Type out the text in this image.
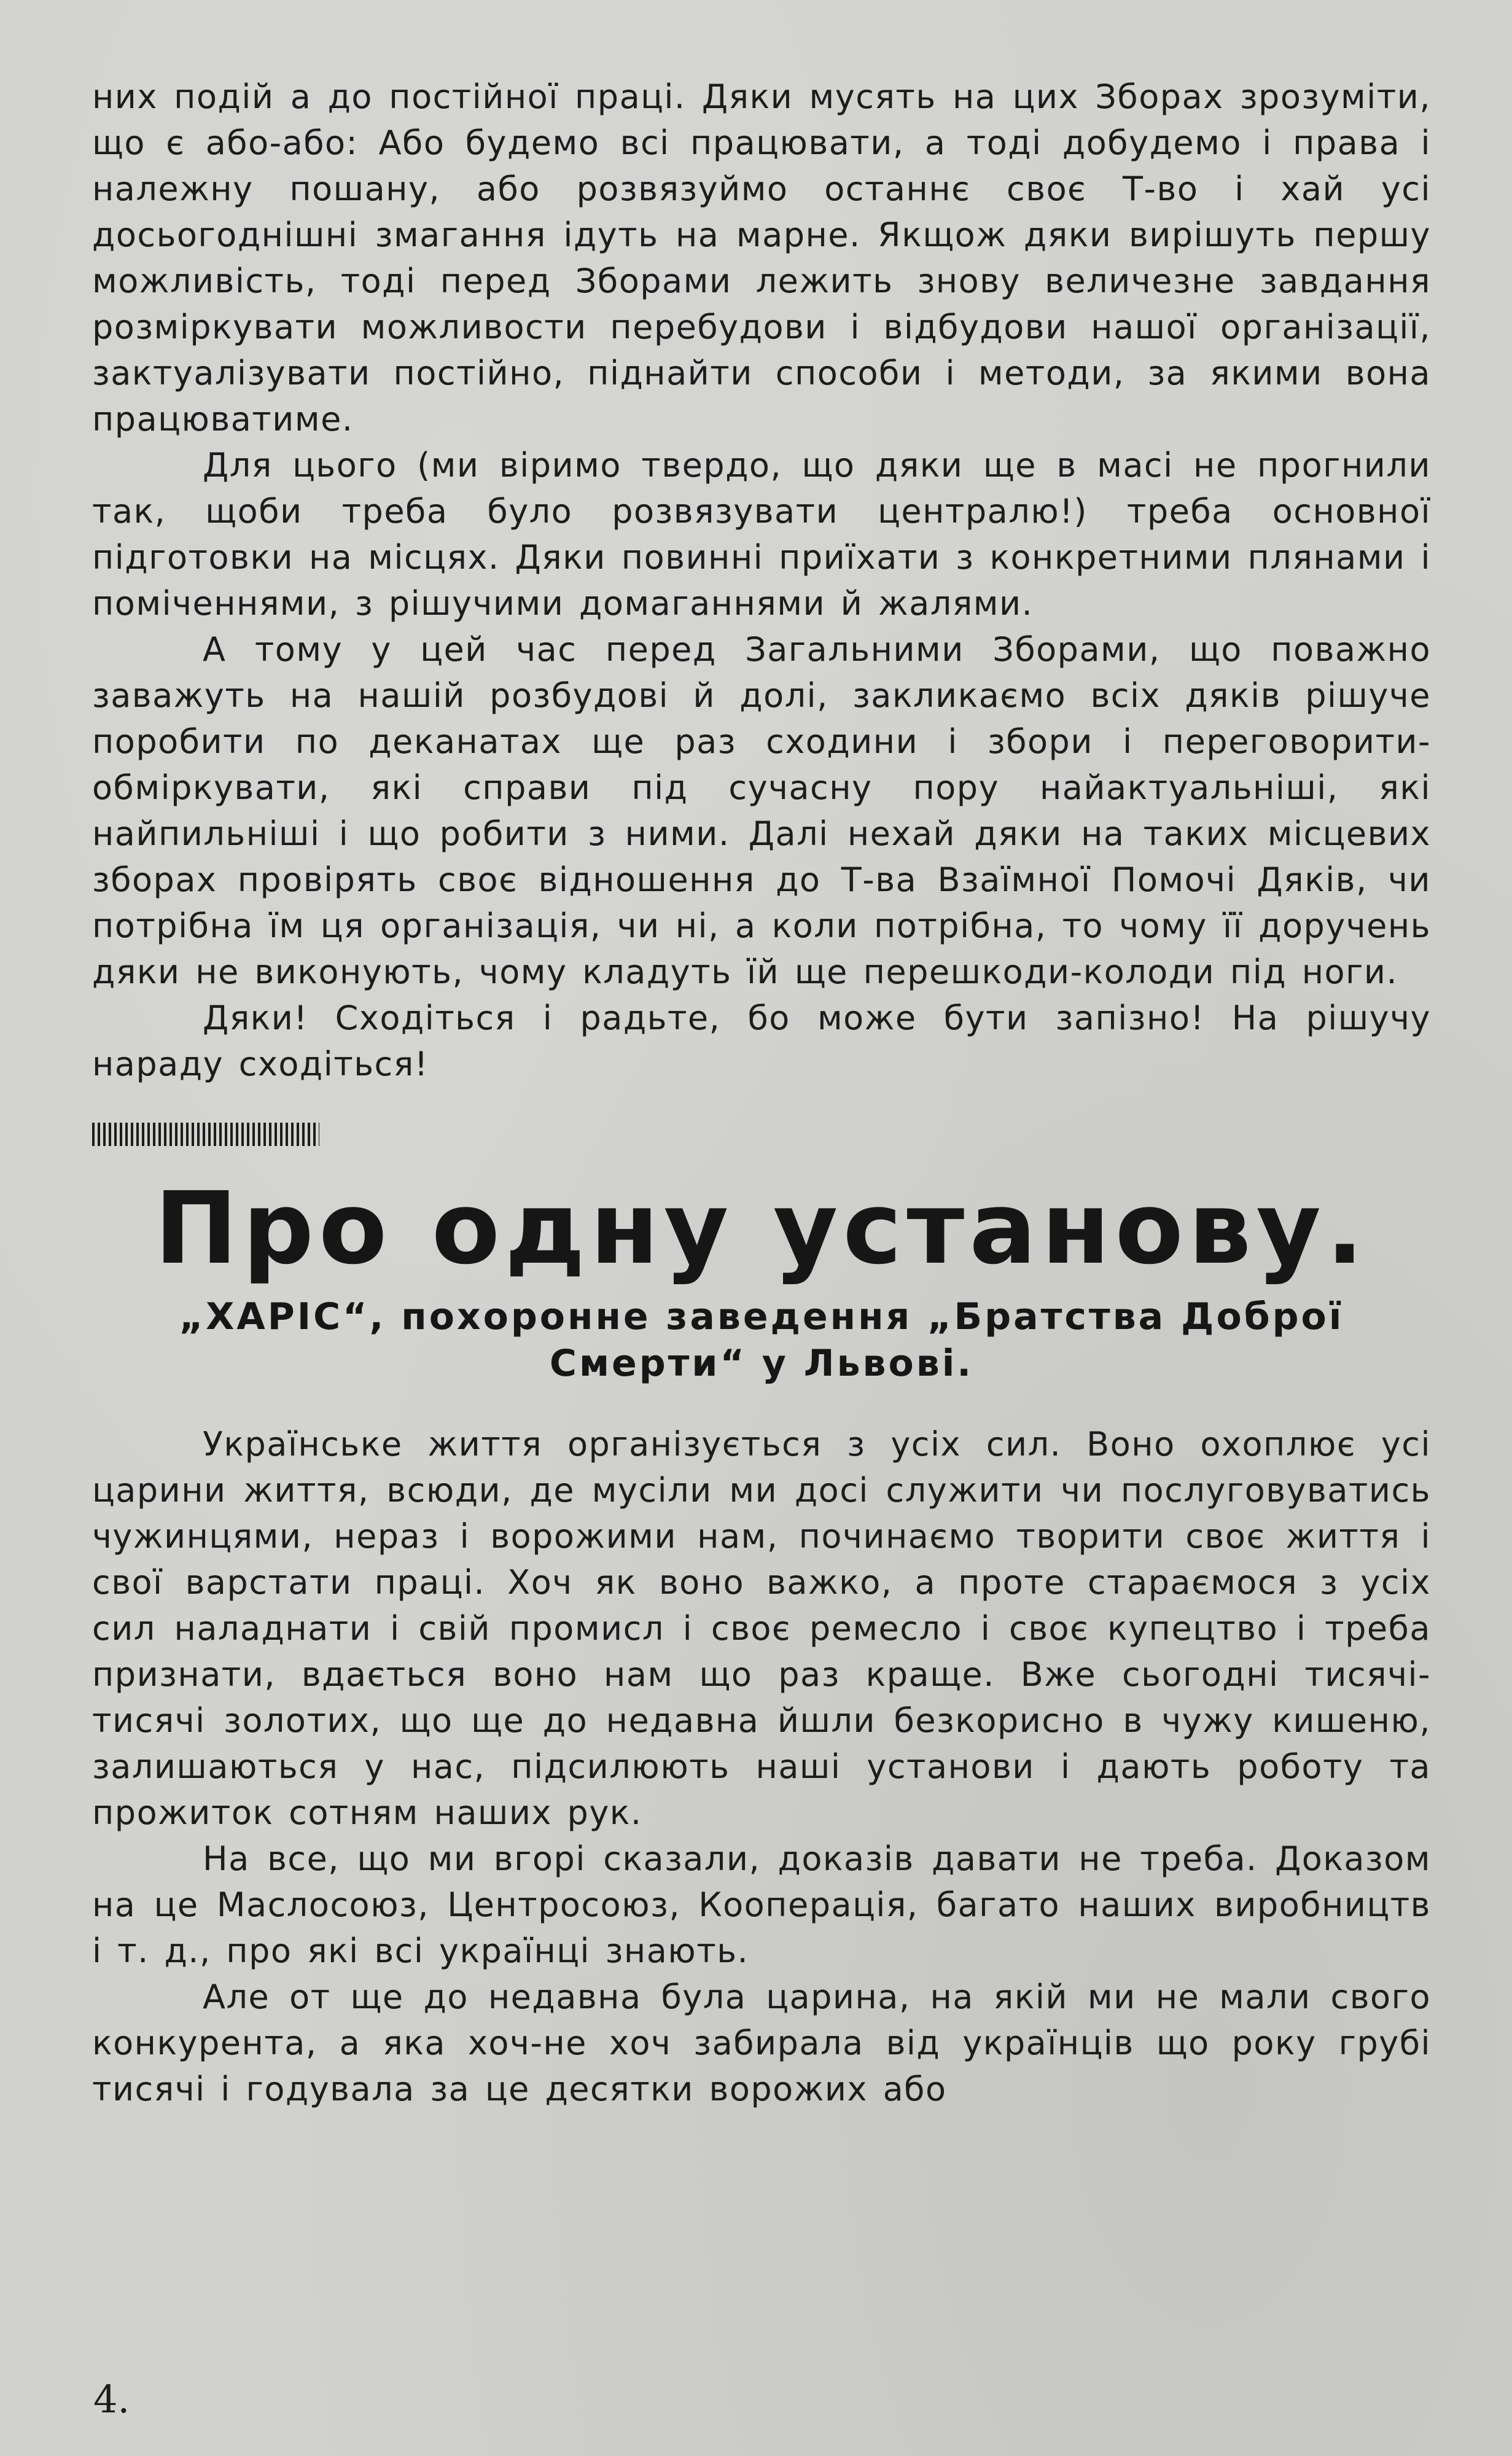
них подій а до постійної праці. Дяки мусять на цих Зборах зрозуміти, що є або-або: Або будемо всі працювати, а тоді добудемо і права і належну пошану, або розвязуймо останнє своє Т-во і хай усі досьогоднішні змагання ідуть на марне. Якщож дяки вирішуть першу можливість, тоді перед Зборами лежить знову величезне завдання розміркувати можливости перебудови і відбудови нашої організації, зактуалізувати постійно, піднайти способи і методи, за якими вона працюватиме.

Для цього (ми віримо твердо, що дяки ще в масі не прогнили так, щоби треба було розвязувати централю!) треба основної підготовки на місцях. Дяки повинні приїхати з конкретними плянами і поміченнями, з рішучими домаганнями й жалями.

А тому у цей час перед Загальними Зборами, що поважно заважуть на нашій розбудові й долі, закликаємо всіх дяків рішуче поробити по деканатах ще раз сходини і збори і переговорити-обміркувати, які справи під сучасну пору найактуальніші, які найпильніші і що робити з ними. Далі нехай дяки на таких місцевих зборах провірять своє відношення до Т-ва Взаїмної Помочі Дяків, чи потрібна їм ця організація, чи ні, а коли потрібна, то чому її доручень дяки не виконують, чому кладуть їй ще перешкоди-колоди під ноги.

Дяки! Сходіться і радьте, бо може бути запізно! На рішучу нараду сходіться!

Про одну установу.
„ХАРІС“, похоронне заведення „Братства Доброї Смерти“ у Львові.

Українське життя організується з усіх сил. Воно охоплює усі царини життя, всюди, де мусіли ми досі служити чи послуговуватись чужинцями, нераз і ворожими нам, починаємо творити своє життя і свої варстати праці. Хоч як воно важко, а проте стараємося з усіх сил наладнати і свій промисл і своє ремесло і своє купецтво і треба признати, вдається воно нам що раз краще. Вже сьогодні тисячі-тисячі золотих, що ще до недавна йшли безкорисно в чужу кишеню, залишаються у нас, підсилюють наші установи і дають роботу та прожиток сотням наших рук.

На все, що ми вгорі сказали, доказів давати не треба. Доказом на це Маслосоюз, Центросоюз, Кооперація, багато наших виробництв і т. д., про які всі українці знають.

Але от ще до недавна була царина, на якій ми не мали свого конкурента, а яка хоч-не хоч забирала від українців що року грубі тисячі і годувала за це десятки ворожих або

4.
